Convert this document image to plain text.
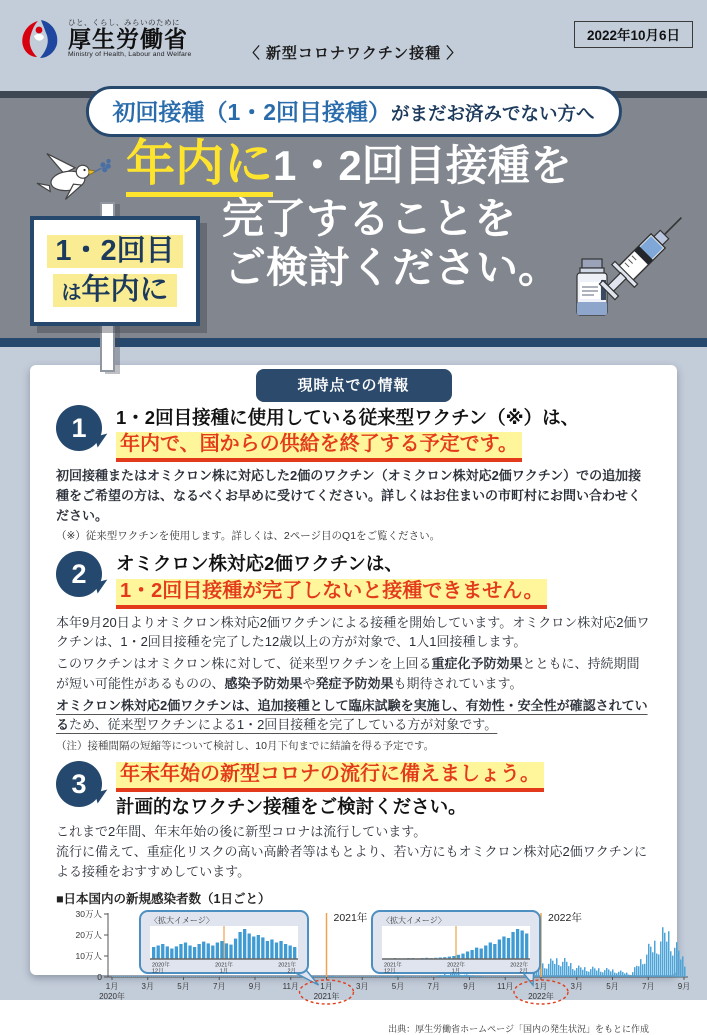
ひと、くらし、みらいのために
厚生労働省
Ministry of Health, Labour and Welfare	〈 新型コロナワクチン接種 〉
2022年10月6日
初回接種（1・2回目接種）がまだお済みでない方へ
年内に1・2回目接種を
完了することを
ご検討ください。
1・2回目
は年内に
現時点での情報
1	1・2回目接種に使用している従来型ワクチン（※）は、
年内で、国からの供給を終了する予定です。

初回接種またはオミクロン株に対応した2価のワクチン（オミクロン株対応2価ワクチン）での追加接種をご希望の方は、なるべくお早めに受けてください。詳しくはお住まいの市町村にお問い合わせください。

（※）従来型ワクチンを使用します。詳しくは、2ページ目のQ1をご覧ください。

2	オミクロン株対応2価ワクチンは、
1・2回目接種が完了しないと接種できません。

本年9月20日よりオミクロン株対応2価ワクチンによる接種を開始しています。オミクロン株対応2価ワクチンは、1・2回目接種を完了した12歳以上の方が対象で、1人1回接種します。

このワクチンはオミクロン株に対して、従来型ワクチンを上回る重症化予防効果とともに、持続期間が短い可能性があるものの、感染予防効果や発症予防効果も期待されています。

オミクロン株対応2価ワクチンは、追加接種として臨床試験を実施し、有効性・安全性が確認されているため、従来型ワクチンによる1・2回目接種を完了している方が対象です。

（注）接種間隔の短縮等について検討し、10月下旬までに結論を得る予定です。

3	年末年始の新型コロナの流行に備えましょう。
計画的なワクチン接種をご検討ください。

これまで2年間、年末年始の後に新型コロナは流行しています。

流行に備えて、重症化リスクの高い高齢者等はもとより、若い方にもオミクロン株対応2価ワクチンによる接種をおすすめしています。

■日本国内の新規感染者数（1日ごと）
30万人
20万人
10万人
0
2021年	2022年
1月	3月	5月	7月	9月	11月	1月	3月	5月	7月	9月	11月	1月	3月	5月	7月	9月
2020年	2021年	2022年
〈拡大イメージ〉
2020年
12月
2021年
1月
2021年
2月
〈拡大イメージ〉
2021年
12月
2022年
1月
2022年
2月
出典：厚生労働省ホームページ「国内の発生状況」をもとに作成
